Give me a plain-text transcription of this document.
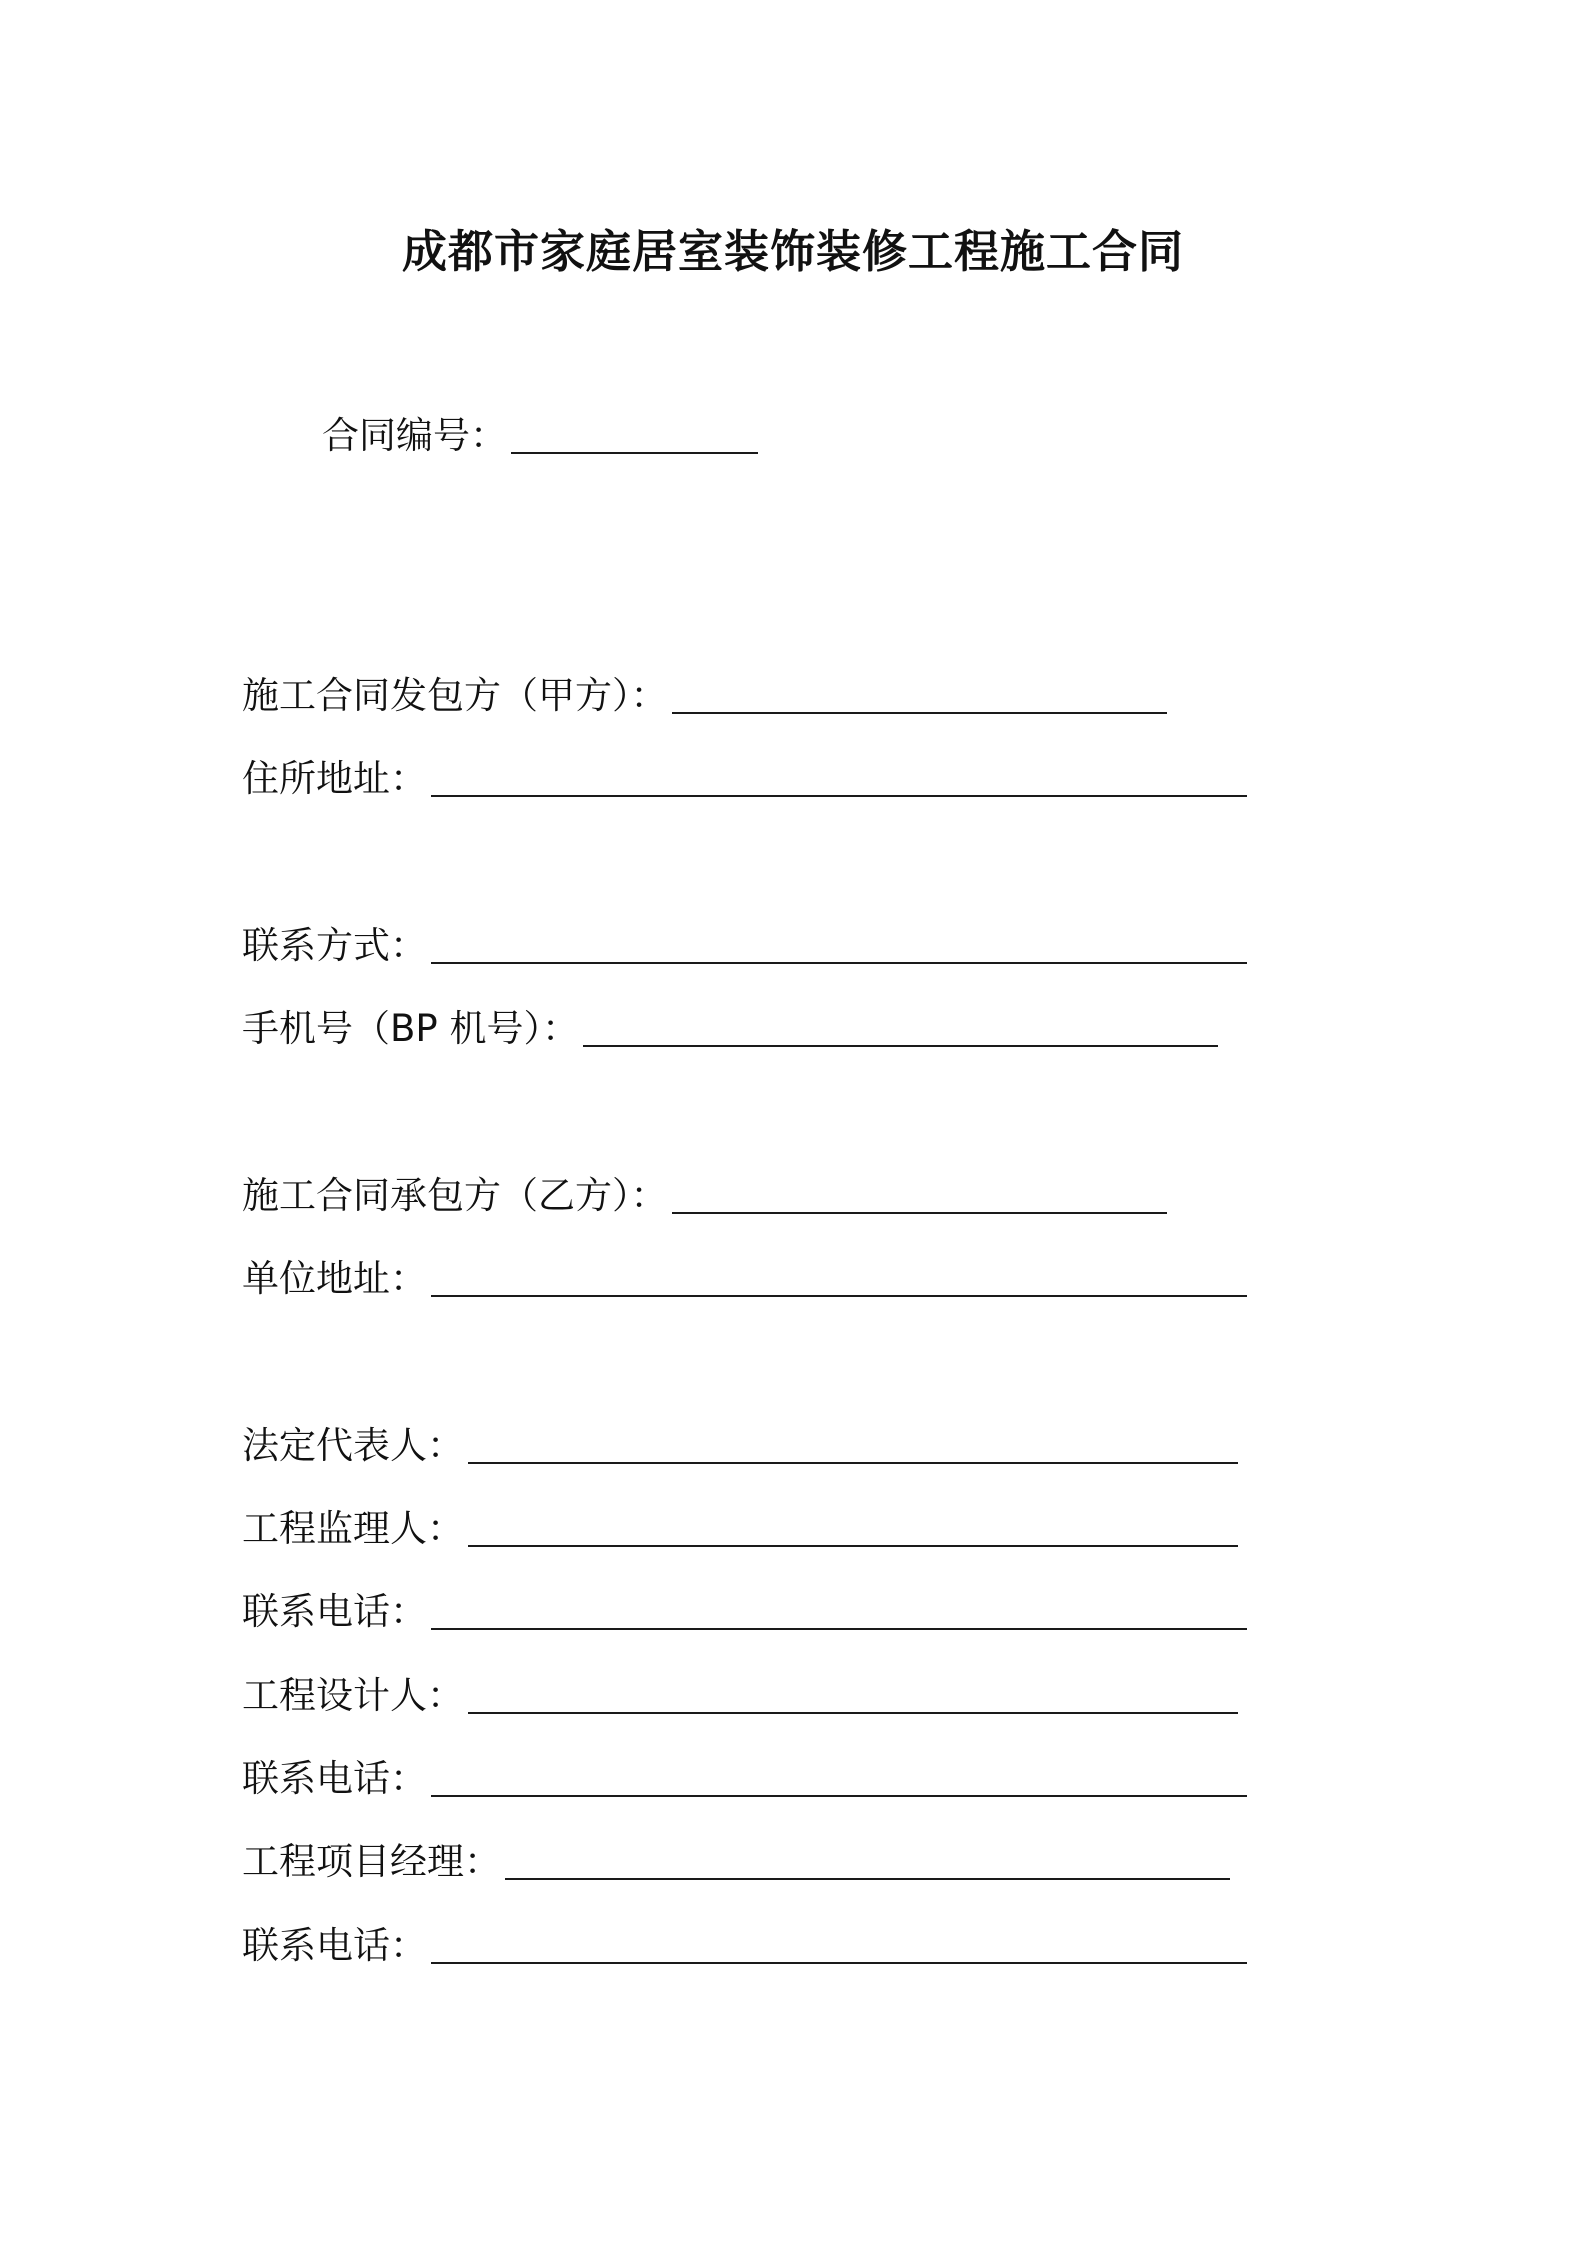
成都市家庭居室装饰装修工程施工合同
合同编号：
施工合同发包方（甲方）：
住所地址：
联系方式：
手机号（BP 机号）：
施工合同承包方（乙方）：
单位地址：
法定代表人：
工程监理人：
联系电话：
工程设计人：
联系电话：
工程项目经理：
联系电话：
